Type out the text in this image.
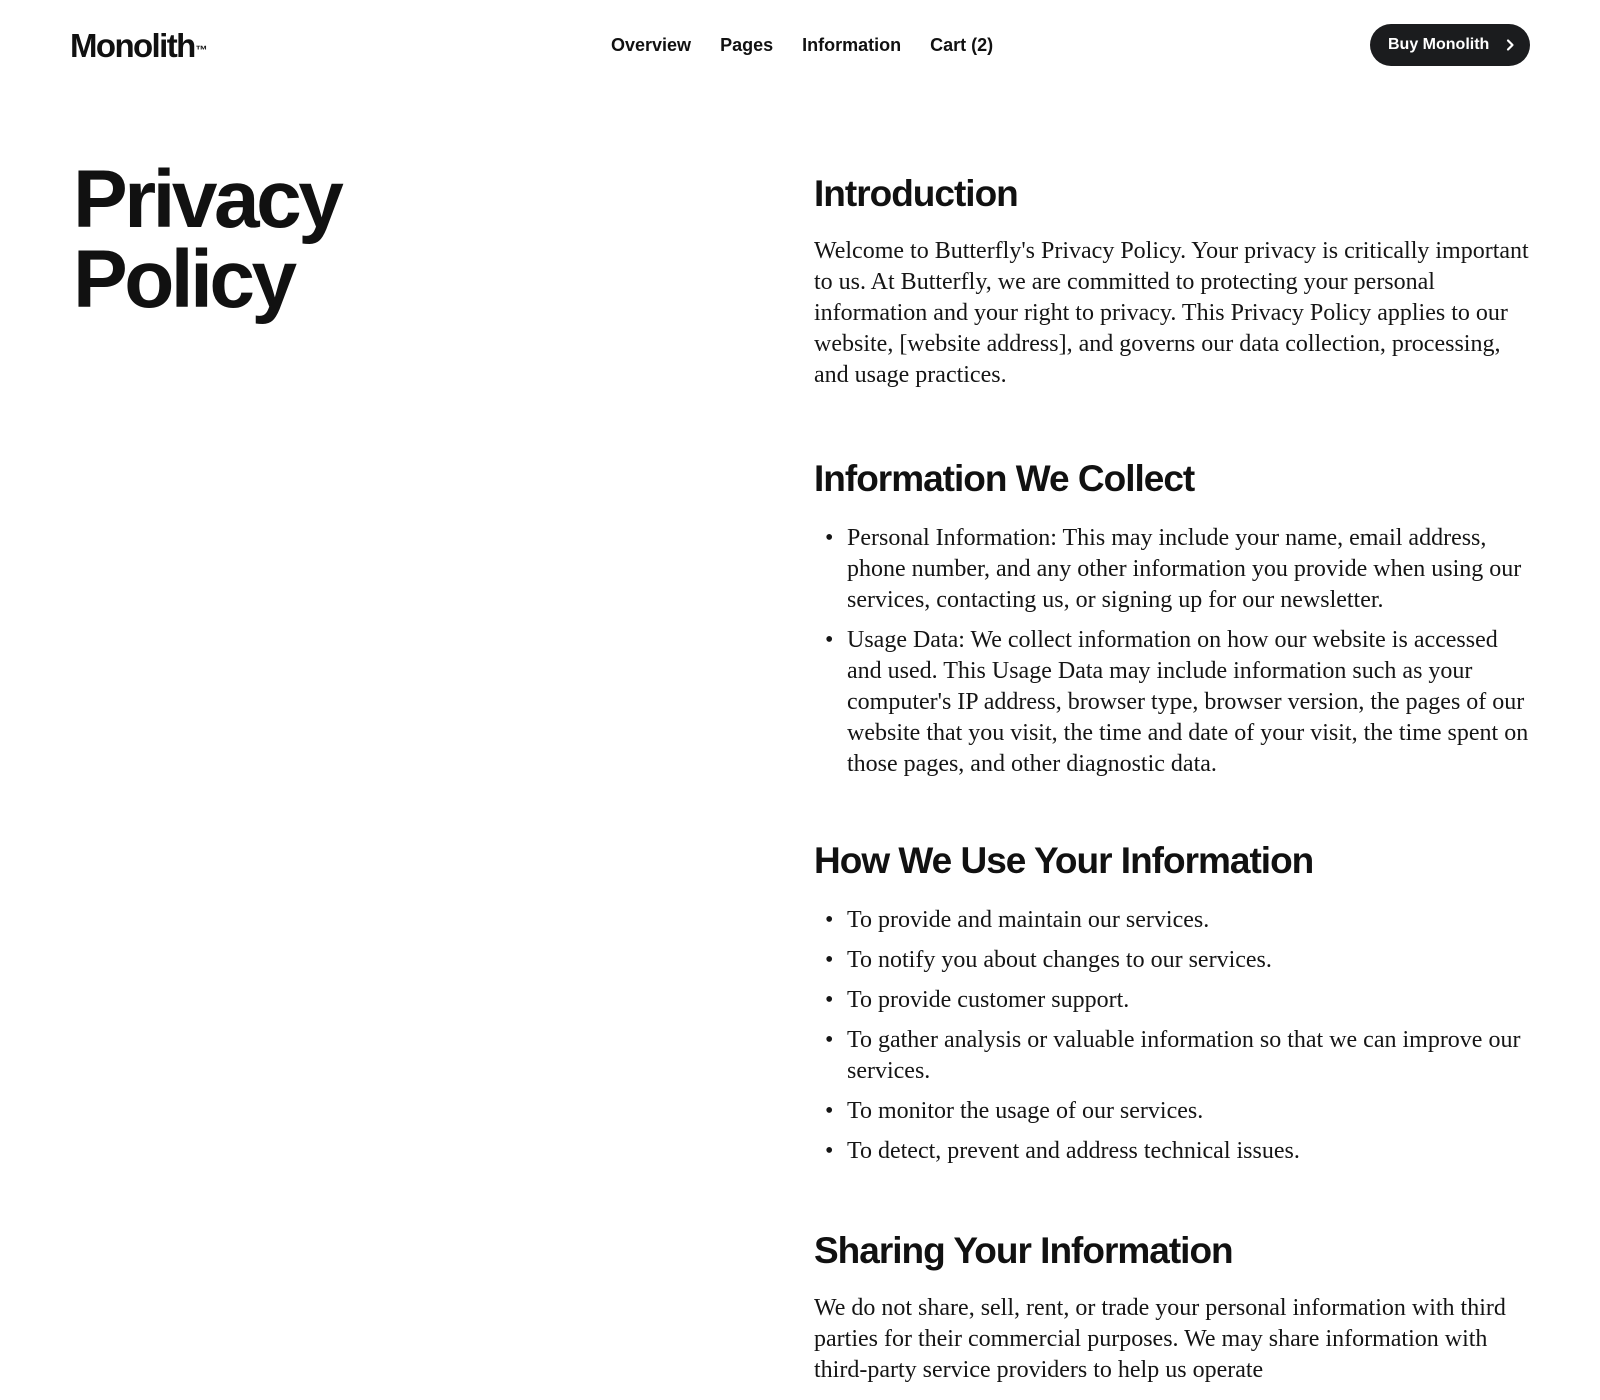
Monolith™	Overview Pages Information Cart (2)	Buy Monolith
Privacy
Policy
Introduction

Welcome to Butterfly's Privacy Policy. Your privacy is critically important to us. At Butterfly, we are committed to protecting your personal information and your right to privacy. This Privacy Policy applies to our website, [website address], and governs our data collection, processing, and usage practices.

Information We Collect
• Personal Information: This may include your name, email address, phone number, and any other information you provide when using our services, contacting us, or signing up for our newsletter.
• Usage Data: We collect information on how our website is accessed and used. This Usage Data may include information such as your computer's IP address, browser type, browser version, the pages of our website that you visit, the time and date of your visit, the time spent on those pages, and other diagnostic data.
How We Use Your Information
• To provide and maintain our services.
• To notify you about changes to our services.
• To provide customer support.
• To gather analysis or valuable information so that we can improve our services.
• To monitor the usage of our services.
• To detect, prevent and address technical issues.
Sharing Your Information

We do not share, sell, rent, or trade your personal information with third parties for their commercial purposes. We may share information with third-party service providers to help us operate
